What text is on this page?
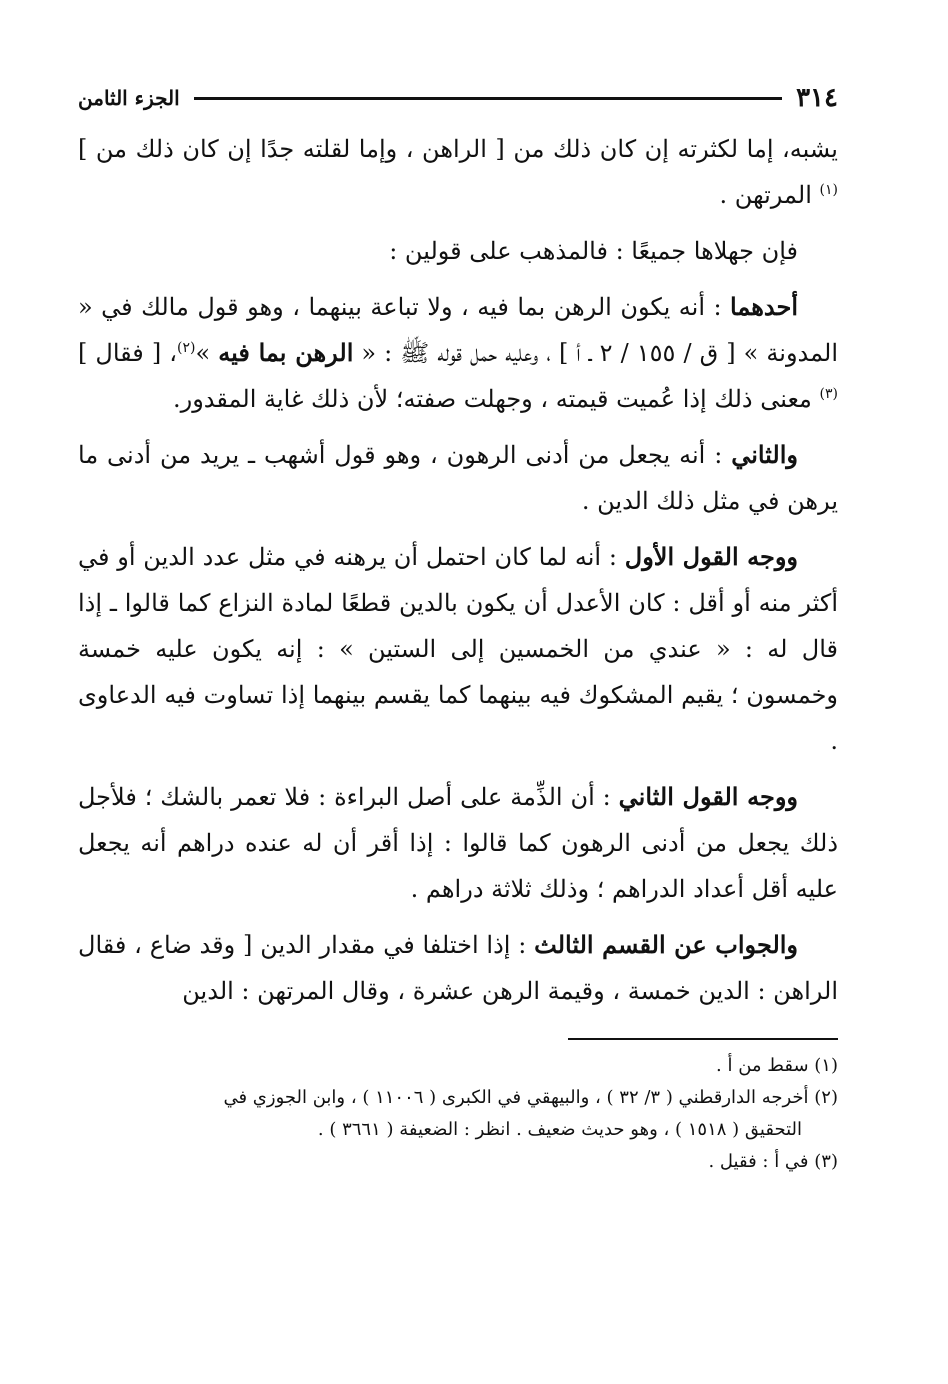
٣١٤
الجزء الثامن

يشبه، إما لكثرته إن كان ذلك من [ الراهن ، وإما لقلته جدًا إن كان ذلك من ] $^{(١)}$ المرتهن .

فإن جهلاها جميعًا : فالمذهب على قولين :

أحدهما : أنه يكون الرهن بما فيه ، ولا تباعة بينهما ، وهو قول مالك في « المدونة » [ ق / ١٥٥ / ٢ ـ أ ] ، وعليه حمل قوله ﷺ : « الرهن بما فيه »$^{(٢)}$، [ فقال ] $^{(٣)}$ معنى ذلك إذا عُميت قيمته ، وجهلت صفته؛ لأن ذلك غاية المقدور.

والثاني : أنه يجعل من أدنى الرهون ، وهو قول أشهب ـ يريد من أدنى ما يرهن في مثل ذلك الدين .

ووجه القول الأول : أنه لما كان احتمل أن يرهنه في مثل عدد الدين أو في أكثر منه أو أقل : كان الأعدل أن يكون بالدين قطعًا لمادة النزاع كما قالوا ـ إذا قال له : « عندي من الخمسين إلى الستين » : إنه يكون عليه خمسة وخمسون ؛ يقيم المشكوك فيه بينهما كما يقسم بينهما إذا تساوت فيه الدعاوى .

ووجه القول الثاني : أن الذِّمة على أصل البراءة : فلا تعمر بالشك ؛ فلأجل ذلك يجعل من أدنى الرهون كما قالوا : إذا أقر أن له عنده دراهم أنه يجعل عليه أقل أعداد الدراهم ؛ وذلك ثلاثة دراهم .

والجواب عن القسم الثالث : إذا اختلفا في مقدار الدين [ وقد ضاع ، فقال الراهن : الدين خمسة ، وقيمة الرهن عشرة ، وقال المرتهن : الدين

(١) سقط من أ .

(٢) أخرجه الدارقطني ( ٣/ ٣٢ ) ، والبيهقي في الكبرى ( ١١٠٠٦ ) ، وابن الجوزي في

التحقيق ( ١٥١٨ ) ، وهو حديث ضعيف . انظر : الضعيفة ( ٣٦٦١ ) .

(٣) في أ : فقيل .
